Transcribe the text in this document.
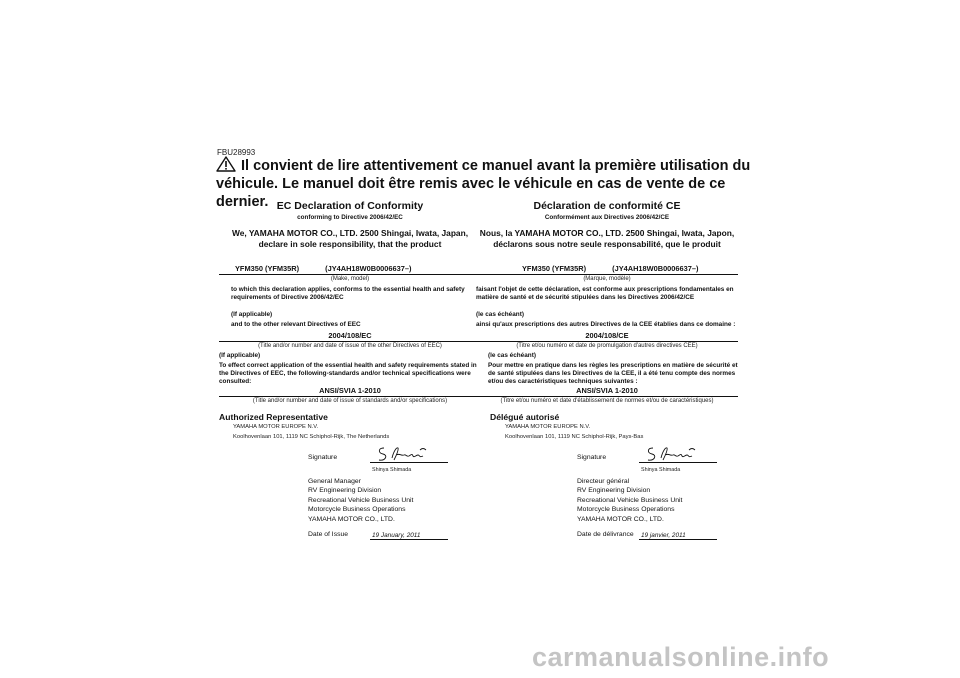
FBU28993
Il convient de lire attentivement ce manuel avant la première utilisation du véhicule. Le manuel doit être remis avec le véhicule en cas de vente de ce dernier. EC Declaration of Conformity
conforming to Directive 2006/42/EC
We, YAMAHA MOTOR CO., LTD. 2500 Shingai, Iwata, Japan,
declare in sole responsibility, that the product
YFM350 (YFM35R)	(JY4AH18W0B0006637–)
(Make, model)
to which this declaration applies, conforms to the essential health and safety requirements of Directive 2006/42/EC
(If applicable)
and to the other relevant Directives of EEC
2004/108/EC
(Title and/or number and date of issue of the other Directives of EEC)
(If applicable)
To effect correct application of the essential health and safety requirements stated in the Directives of EEC, the following-standards and/or technical specifications were consulted:
ANSI/SVIA 1-2010
(Title and/or number and date of issue of standards and/or specifications)
Authorized Representative
YAMAHA MOTOR EUROPE N.V.
Koolhovenlaan 101, 1119 NC Schiphol-Rijk, The Netherlands
Signature
Shinya Shimada
General Manager
RV Engineering Division
Recreational Vehicle Business Unit
Motorcycle Business Operations
YAMAHA MOTOR CO., LTD.
Date of Issue	19 January, 2011
Déclaration de conformité CE
Conformément aux Directives 2006/42/CE
Nous, la YAMAHA MOTOR CO., LTD. 2500 Shingai, Iwata, Japon,
déclarons sous notre seule responsabilité, que le produit
YFM350 (YFM35R)	(JY4AH18W0B0006637–)
(Marque, modèle)
faisant l'objet de cette déclaration, est conforme aux prescriptions fondamentales en matière de santé et de sécurité stipulées dans les Directives 2006/42/CE
(le cas échéant)
ainsi qu'aux prescriptions des autres Directives de la CEE établies dans ce domaine :
2004/108/CE
(Titre et/ou numéro et date de promulgation d'autres directives CEE)
(le cas échéant)
Pour mettre en pratique dans les règles les prescriptions en matière de sécurité et de santé stipulées dans les Directives de la CEE, il a été tenu compte des normes et/ou des caractéristiques techniques suivantes :
ANSI/SVIA 1-2010
(Titre et/ou numéro et date d'établissement de normes et/ou de caractéristiques)
Délégué autorisé
YAMAHA MOTOR EUROPE N.V.
Koolhovenlaan 101, 1119 NC Schiphol-Rijk, Pays-Bas
Signature
Shinya Shimada
Directeur général
RV Engineering Division
Recreational Vehicle Business Unit
Motorcycle Business Operations
YAMAHA MOTOR CO., LTD.
Date de délivrance 19 janvier, 2011
carmanualsonline.info
